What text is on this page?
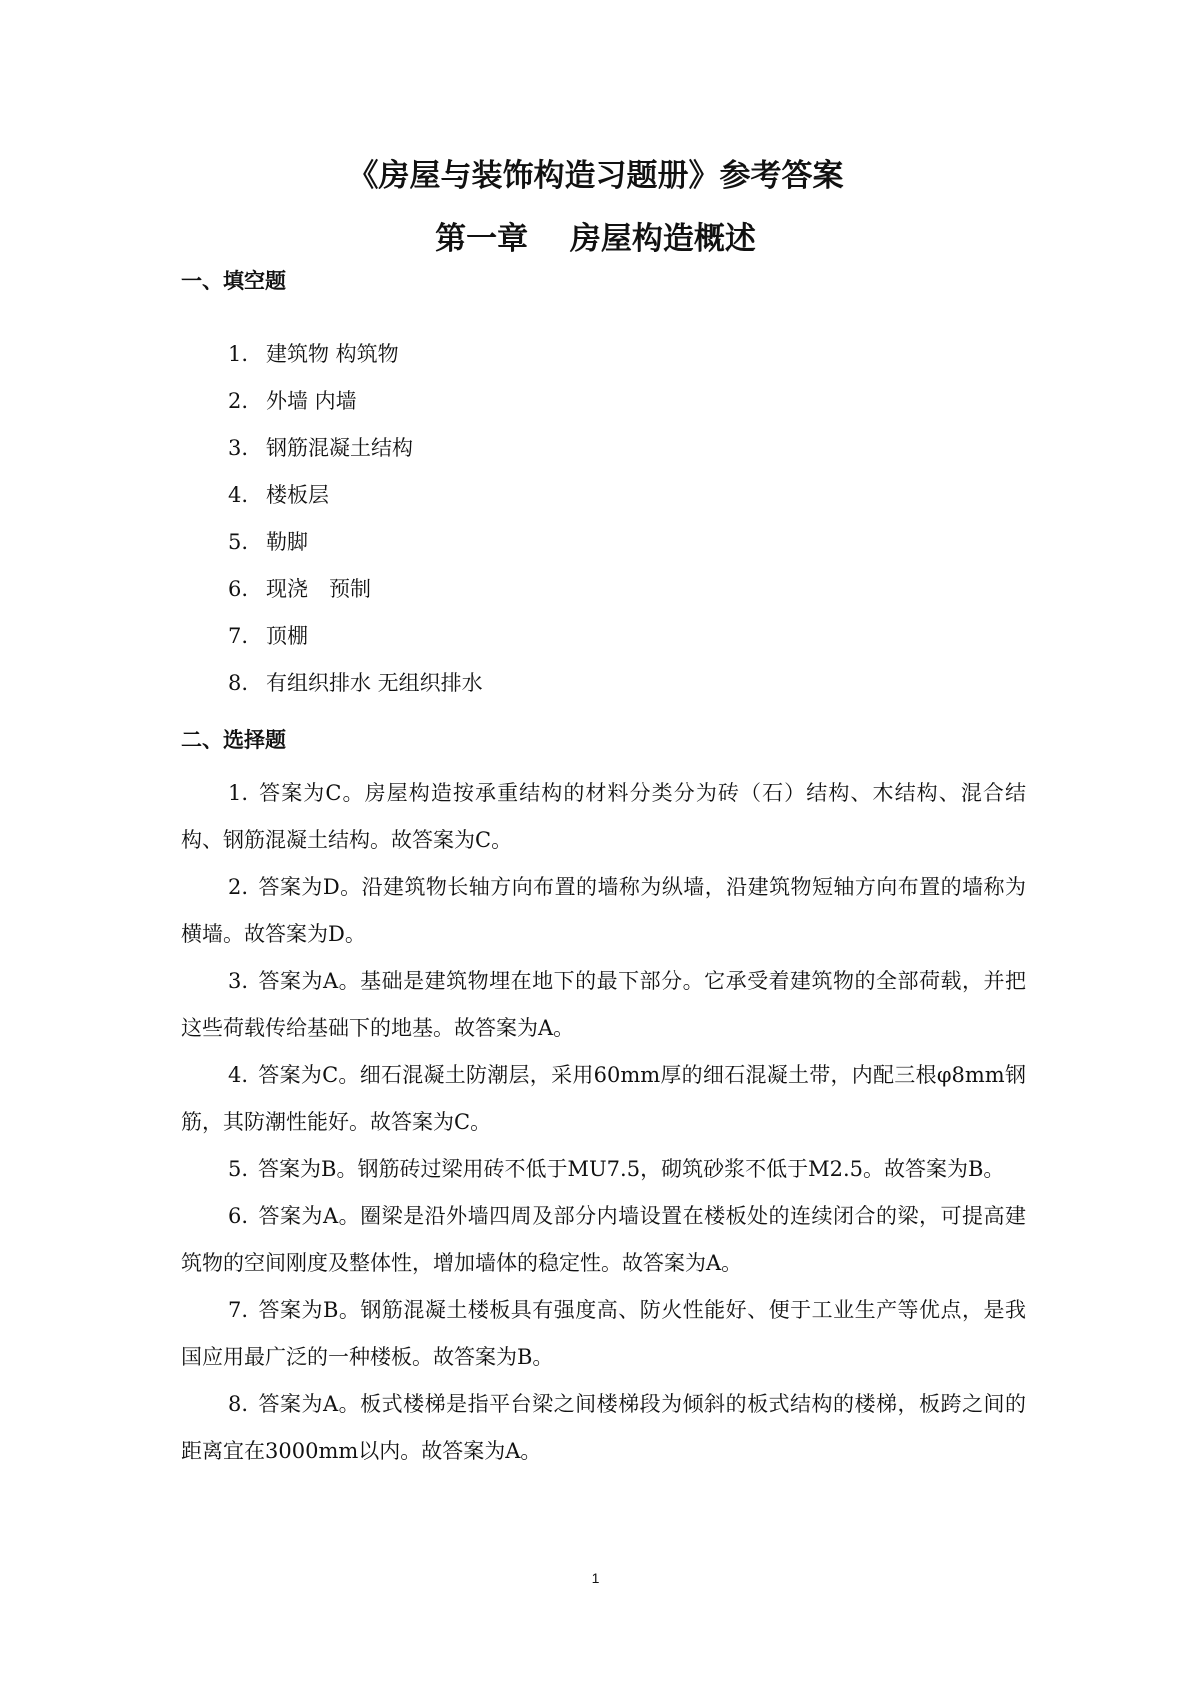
《房屋与装饰构造习题册》参考答案
第一章　 房屋构造概述
一、填空题
1. 建筑物 构筑物
2. 外墙 内墙
3. 钢筋混凝土结构
4. 楼板层
5. 勒脚
6. 现浇　预制
7. 顶棚
8. 有组织排水 无组织排水
二、选择题

1. 答案为C。房屋构造按承重结构的材料分类分为砖（石）结构、木结构、混合结构、钢筋混凝土结构。故答案为C。

2. 答案为D。沿建筑物长轴方向布置的墙称为纵墙，沿建筑物短轴方向布置的墙称为横墙。故答案为D。

3. 答案为A。基础是建筑物埋在地下的最下部分。它承受着建筑物的全部荷载，并把这些荷载传给基础下的地基。故答案为A。

4. 答案为C。细石混凝土防潮层，采用60mm厚的细石混凝土带，内配三根φ8mm钢筋，其防潮性能好。故答案为C。

5. 答案为B。钢筋砖过梁用砖不低于MU7.5，砌筑砂浆不低于M2.5。故答案为B。

6. 答案为A。圈梁是沿外墙四周及部分内墙设置在楼板处的连续闭合的梁，可提高建筑物的空间刚度及整体性，增加墙体的稳定性。故答案为A。

7. 答案为B。钢筋混凝土楼板具有强度高、防火性能好、便于工业生产等优点，是我国应用最广泛的一种楼板。故答案为B。

8. 答案为A。板式楼梯是指平台梁之间楼梯段为倾斜的板式结构的楼梯，板跨之间的距离宜在3000mm以内。故答案为A。

1
